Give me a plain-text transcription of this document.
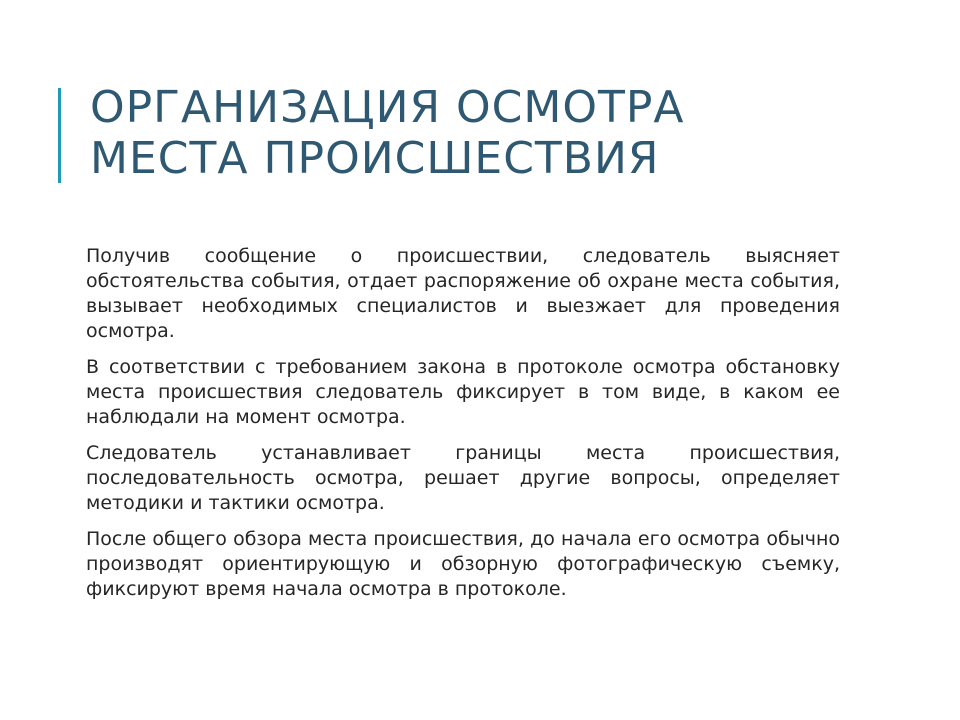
ОРГАНИЗАЦИЯ ОСМОТРА
МЕСТА ПРОИСШЕСТВИЯ

Получив сообщение о происшествии, следователь выясняет обстоятельства события, отдает распоряжение об охране места события, вызывает необходимых специалистов и выезжает для проведения осмотра.

В соответствии с требованием закона в протоколе осмотра обстановку места происшествия следователь фиксирует в том виде, в каком ее наблюдали на момент осмотра.

Следователь устанавливает границы места происшествия, последовательность осмотра, решает другие вопросы, определяет методики и тактики осмотра.

После общего обзора места происшествия, до начала его осмотра обычно производят ориентирующую и обзорную фотографическую съемку, фиксируют время начала осмотра в протоколе.
